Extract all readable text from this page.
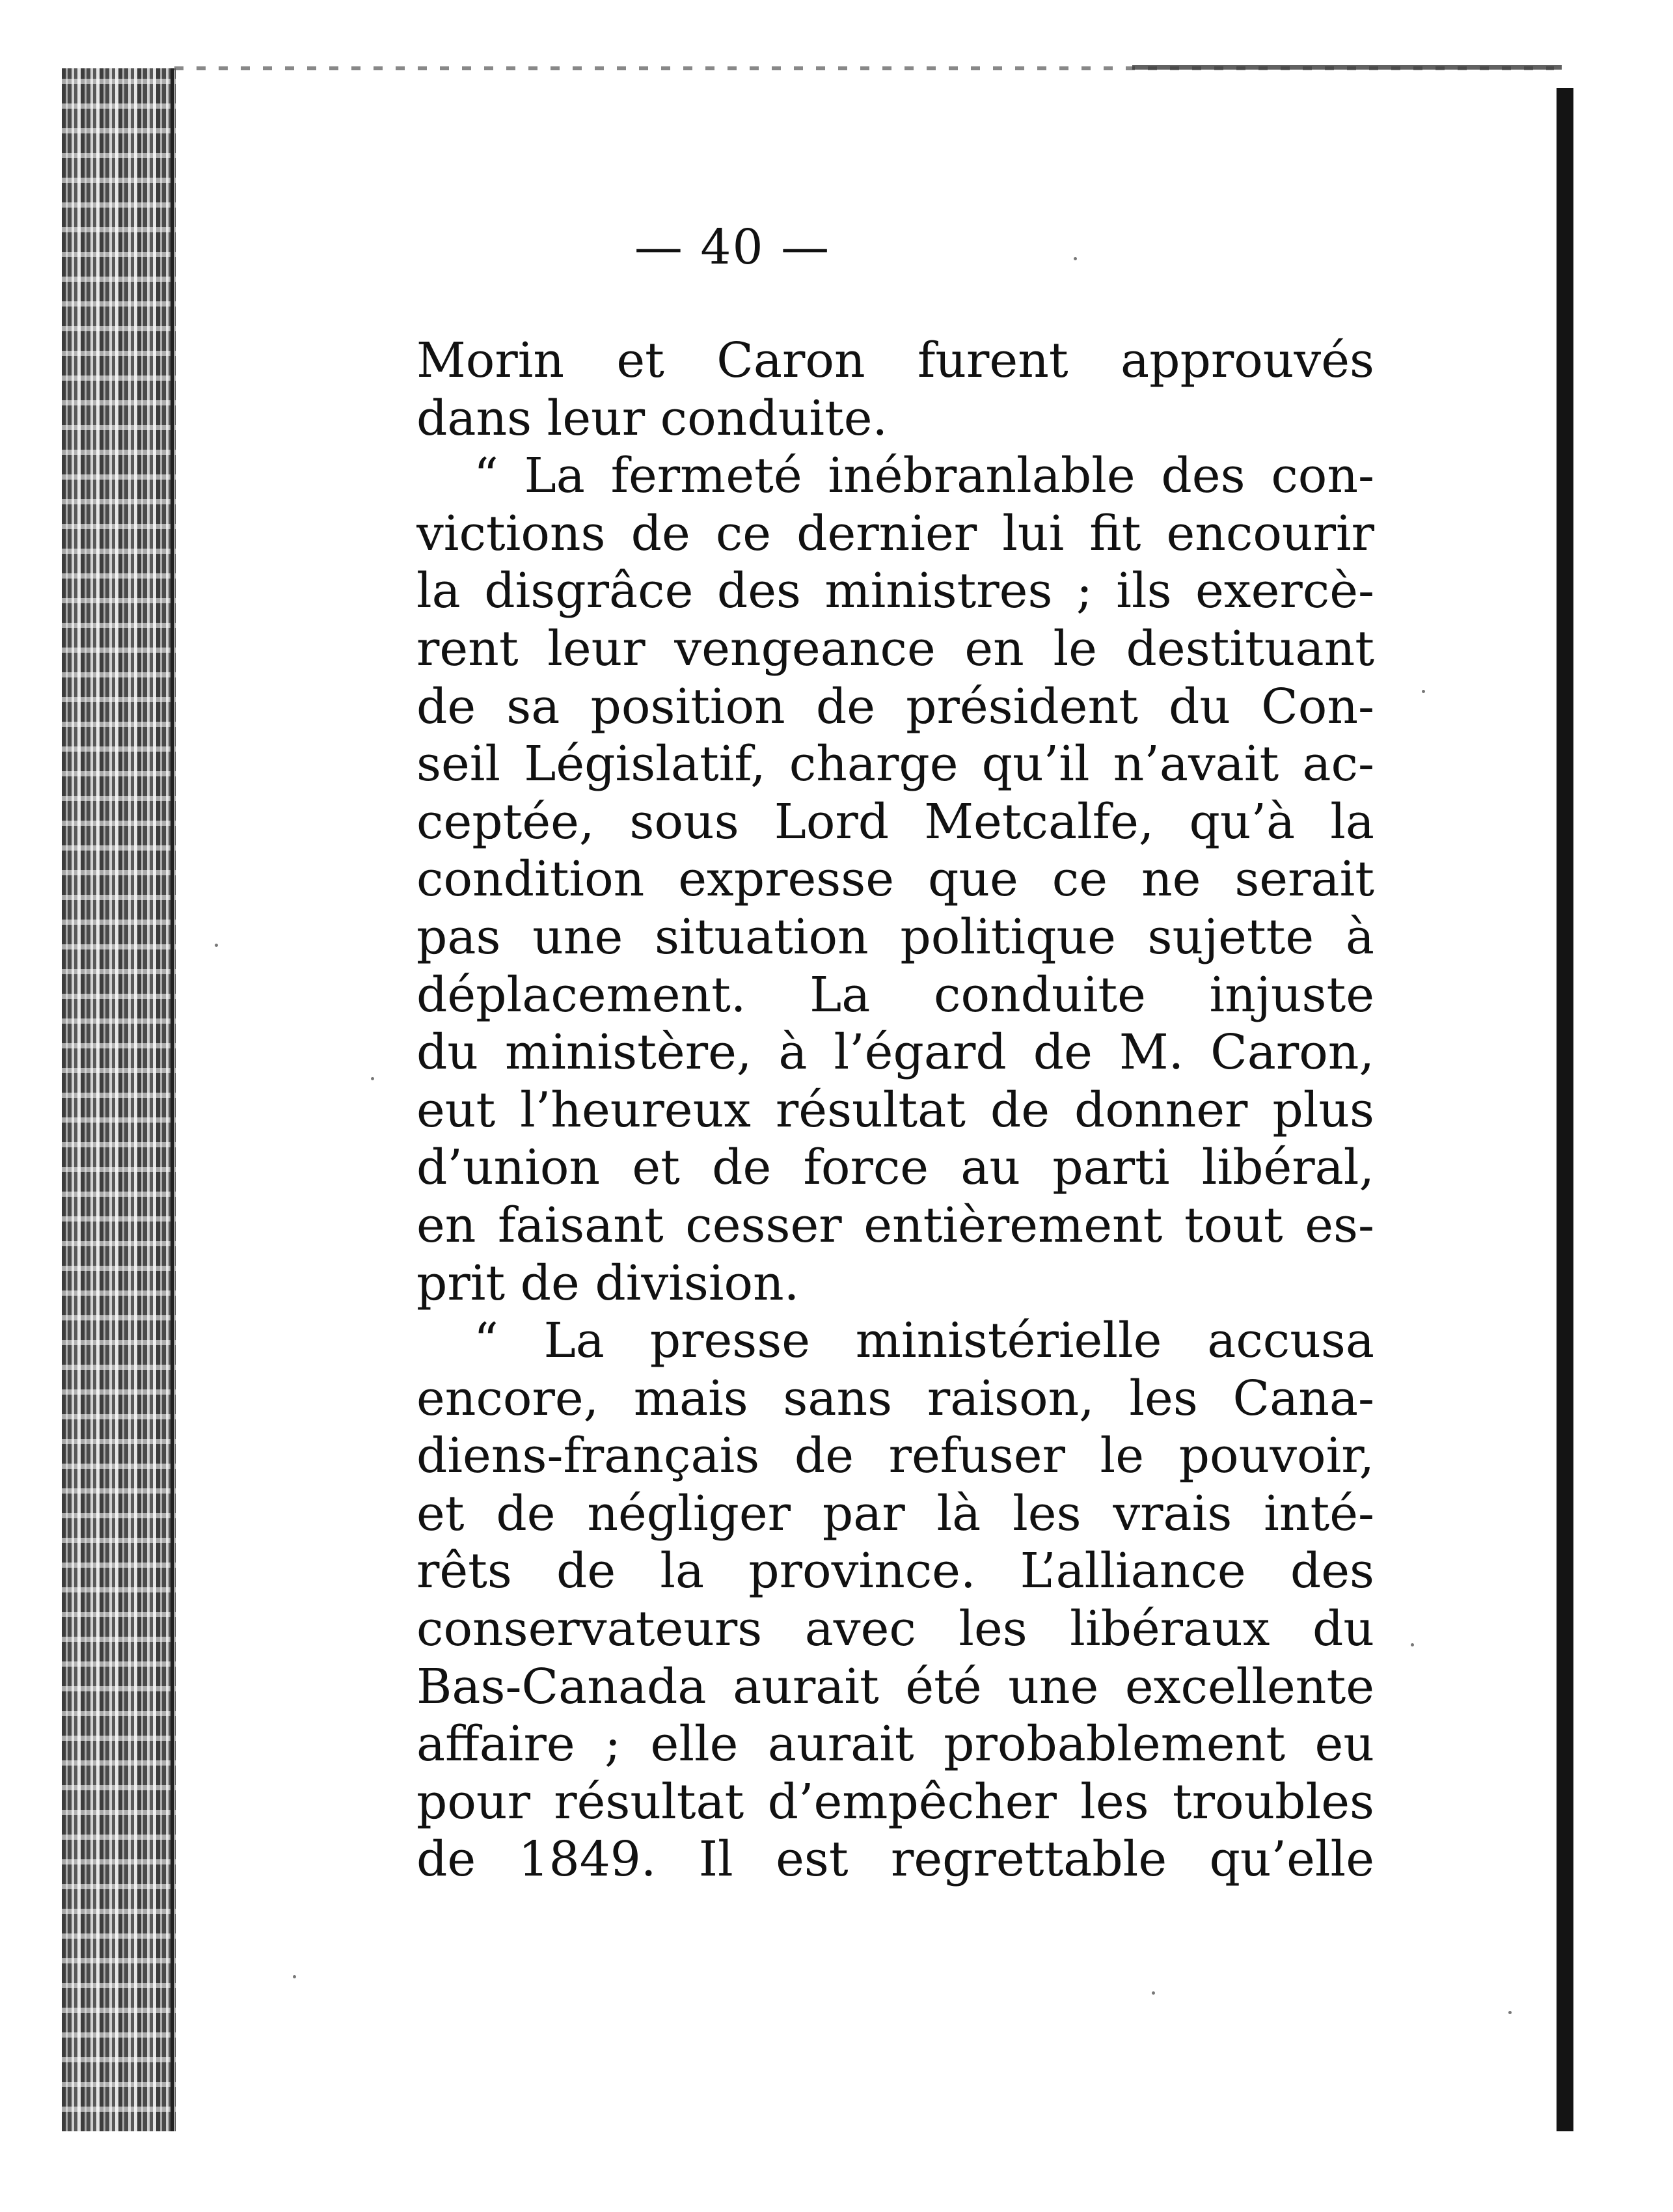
— 40 —
Morin et Caron furent approuvés
dans leur conduite.
“ La fermeté inébranlable des con-
victions de ce dernier lui fit encourir
la disgrâce des ministres ; ils exercè-
rent leur vengeance en le destituant
de sa position de président du Con-
seil Législatif, charge qu’il n’avait ac-
ceptée, sous Lord Metcalfe, qu’à la
condition expresse que ce ne serait
pas une situation politique sujette à
déplacement. La conduite injuste
du ministère, à l’égard de M. Caron,
eut l’heureux résultat de donner plus
d’union et de force au parti libéral,
en faisant cesser entièrement tout es-
prit de division.
“ La presse ministérielle accusa
encore, mais sans raison, les Cana-
diens-français de refuser le pouvoir,
et de négliger par là les vrais inté-
rêts de la province. L’alliance des
conservateurs avec les libéraux du
Bas-Canada aurait été une excellente
affaire ; elle aurait probablement eu
pour résultat d’empêcher les troubles
de 1849. Il est regrettable qu’elle
